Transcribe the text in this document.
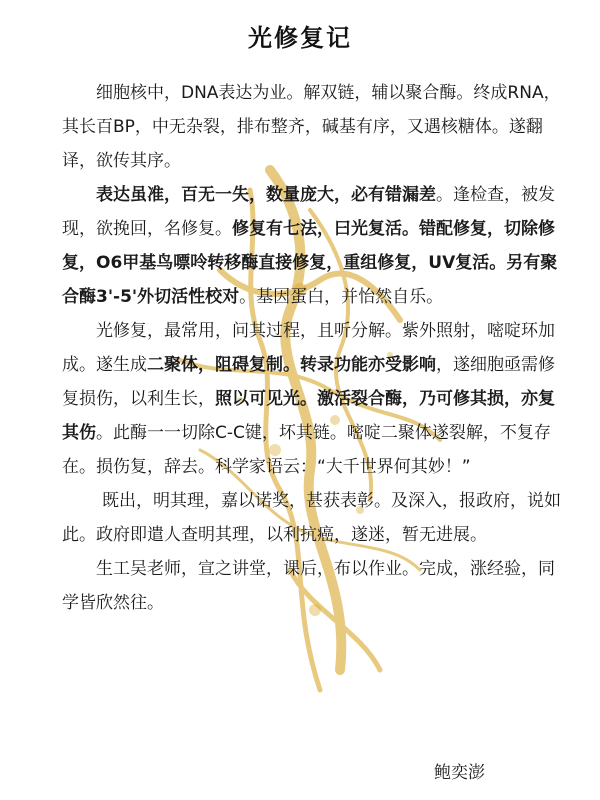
光修复记

细胞核中，DNA表达为业。解双链，辅以聚合酶。终成RNA，其长百BP，中无杂裂，排布整齐，碱基有序，又遇核糖体。遂翻译，欲传其序。

表达虽准，百无一失，数量庞大，必有错漏差。逢检查，被发现，欲挽回，名修复。修复有七法，曰光复活。错配修复，切除修复，O6甲基鸟嘌呤转移酶直接修复，重组修复，UV复活。另有聚合酶3'-5'外切活性校对。基因蛋白，并怡然自乐。

光修复，最常用，问其过程，且听分解。紫外照射，嘧啶环加成。遂生成二聚体，阻碍复制。转录功能亦受影响，遂细胞亟需修复损伤，以利生长，照以可见光。激活裂合酶，乃可修其损，亦复其伤。此酶一一切除C-C键，坏其链。嘧啶二聚体遂裂解，不复存在。损伤复，辞去。科学家语云：“大千世界何其妙！”

既出，明其理，嘉以诺奖，甚获表彰。及深入，报政府，说如此。政府即遣人查明其理，以利抗癌，遂迷，暂无进展。

生工吴老师，宣之讲堂，课后，布以作业。完成，涨经验，同学皆欣然往。

鲍奕澎
